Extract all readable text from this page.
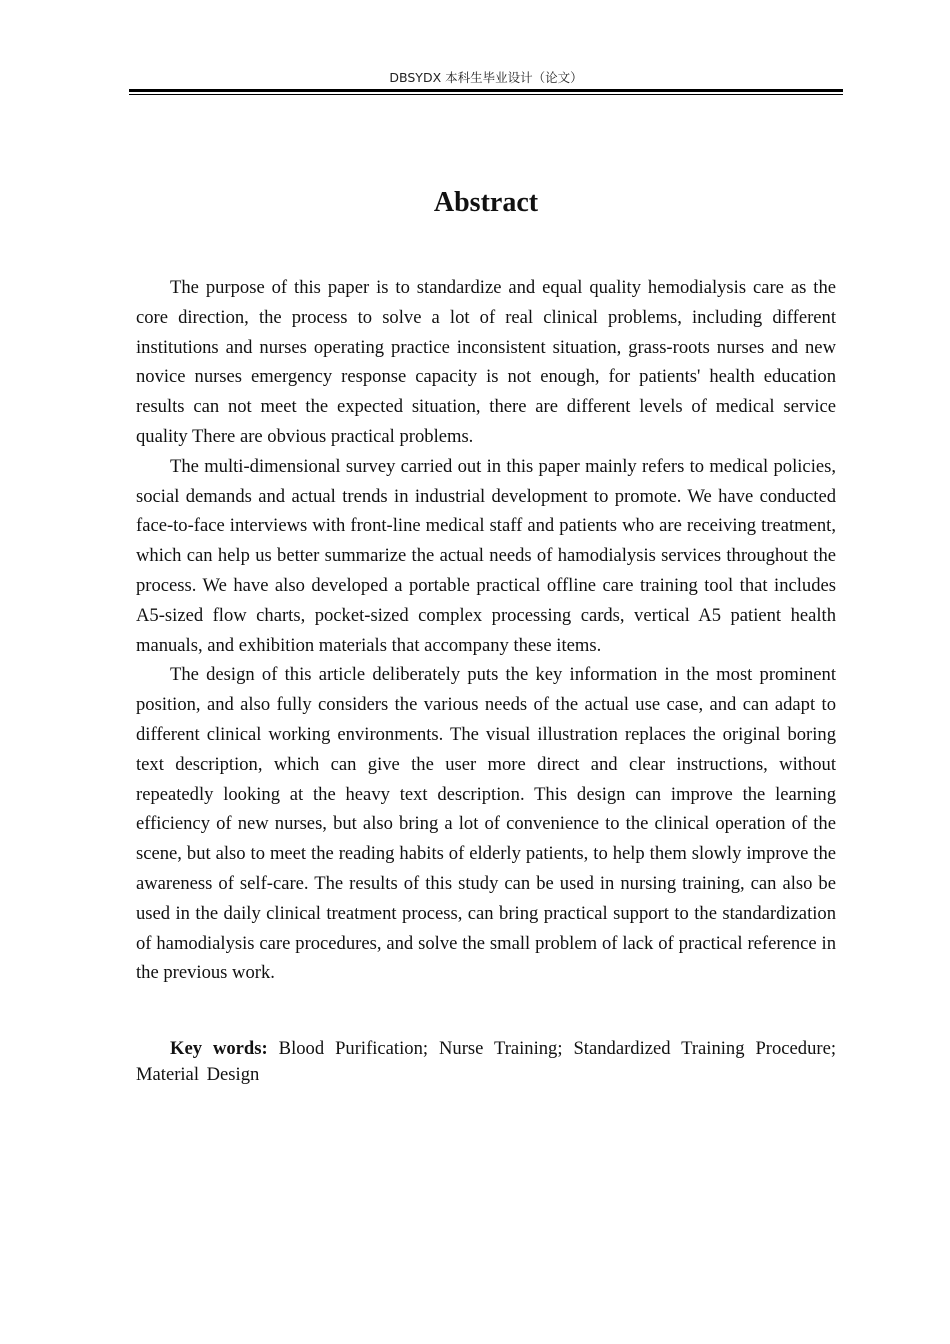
DBSYDX 本科生毕业设计（论文）
Abstract

The purpose of this paper is to standardize and equal quality hemodialysis care as the core direction, the process to solve a lot of real clinical problems, including different institutions and nurses operating practice inconsistent situation, grass-roots nurses and new novice nurses emergency response capacity is not enough, for patients' health education results can not meet the expected situation, there are different levels of medical service quality There are obvious practical problems.

The multi-dimensional survey carried out in this paper mainly refers to medical policies, social demands and actual trends in industrial development to promote. We have conducted face-to-face interviews with front-line medical staff and patients who are receiving treatment, which can help us better summarize the actual needs of hamodialysis services throughout the process. We have also developed a portable practical offline care training tool that includes A5-sized flow charts, pocket-sized complex processing cards, vertical A5 patient health manuals, and exhibition materials that accompany these items.

The design of this article deliberately puts the key information in the most prominent position, and also fully considers the various needs of the actual use case, and can adapt to different clinical working environments. The visual illustration replaces the original boring text description, which can give the user more direct and clear instructions, without repeatedly looking at the heavy text description. This design can improve the learning efficiency of new nurses, but also bring a lot of convenience to the clinical operation of the scene, but also to meet the reading habits of elderly patients, to help them slowly improve the awareness of self-care. The results of this study can be used in nursing training, can also be used in the daily clinical treatment process, can bring practical support to the standardization of hamodialysis care procedures, and solve the small problem of lack of practical reference in the previous work.

Key words: Blood Purification; Nurse Training; Standardized Training Procedure; Material Design
